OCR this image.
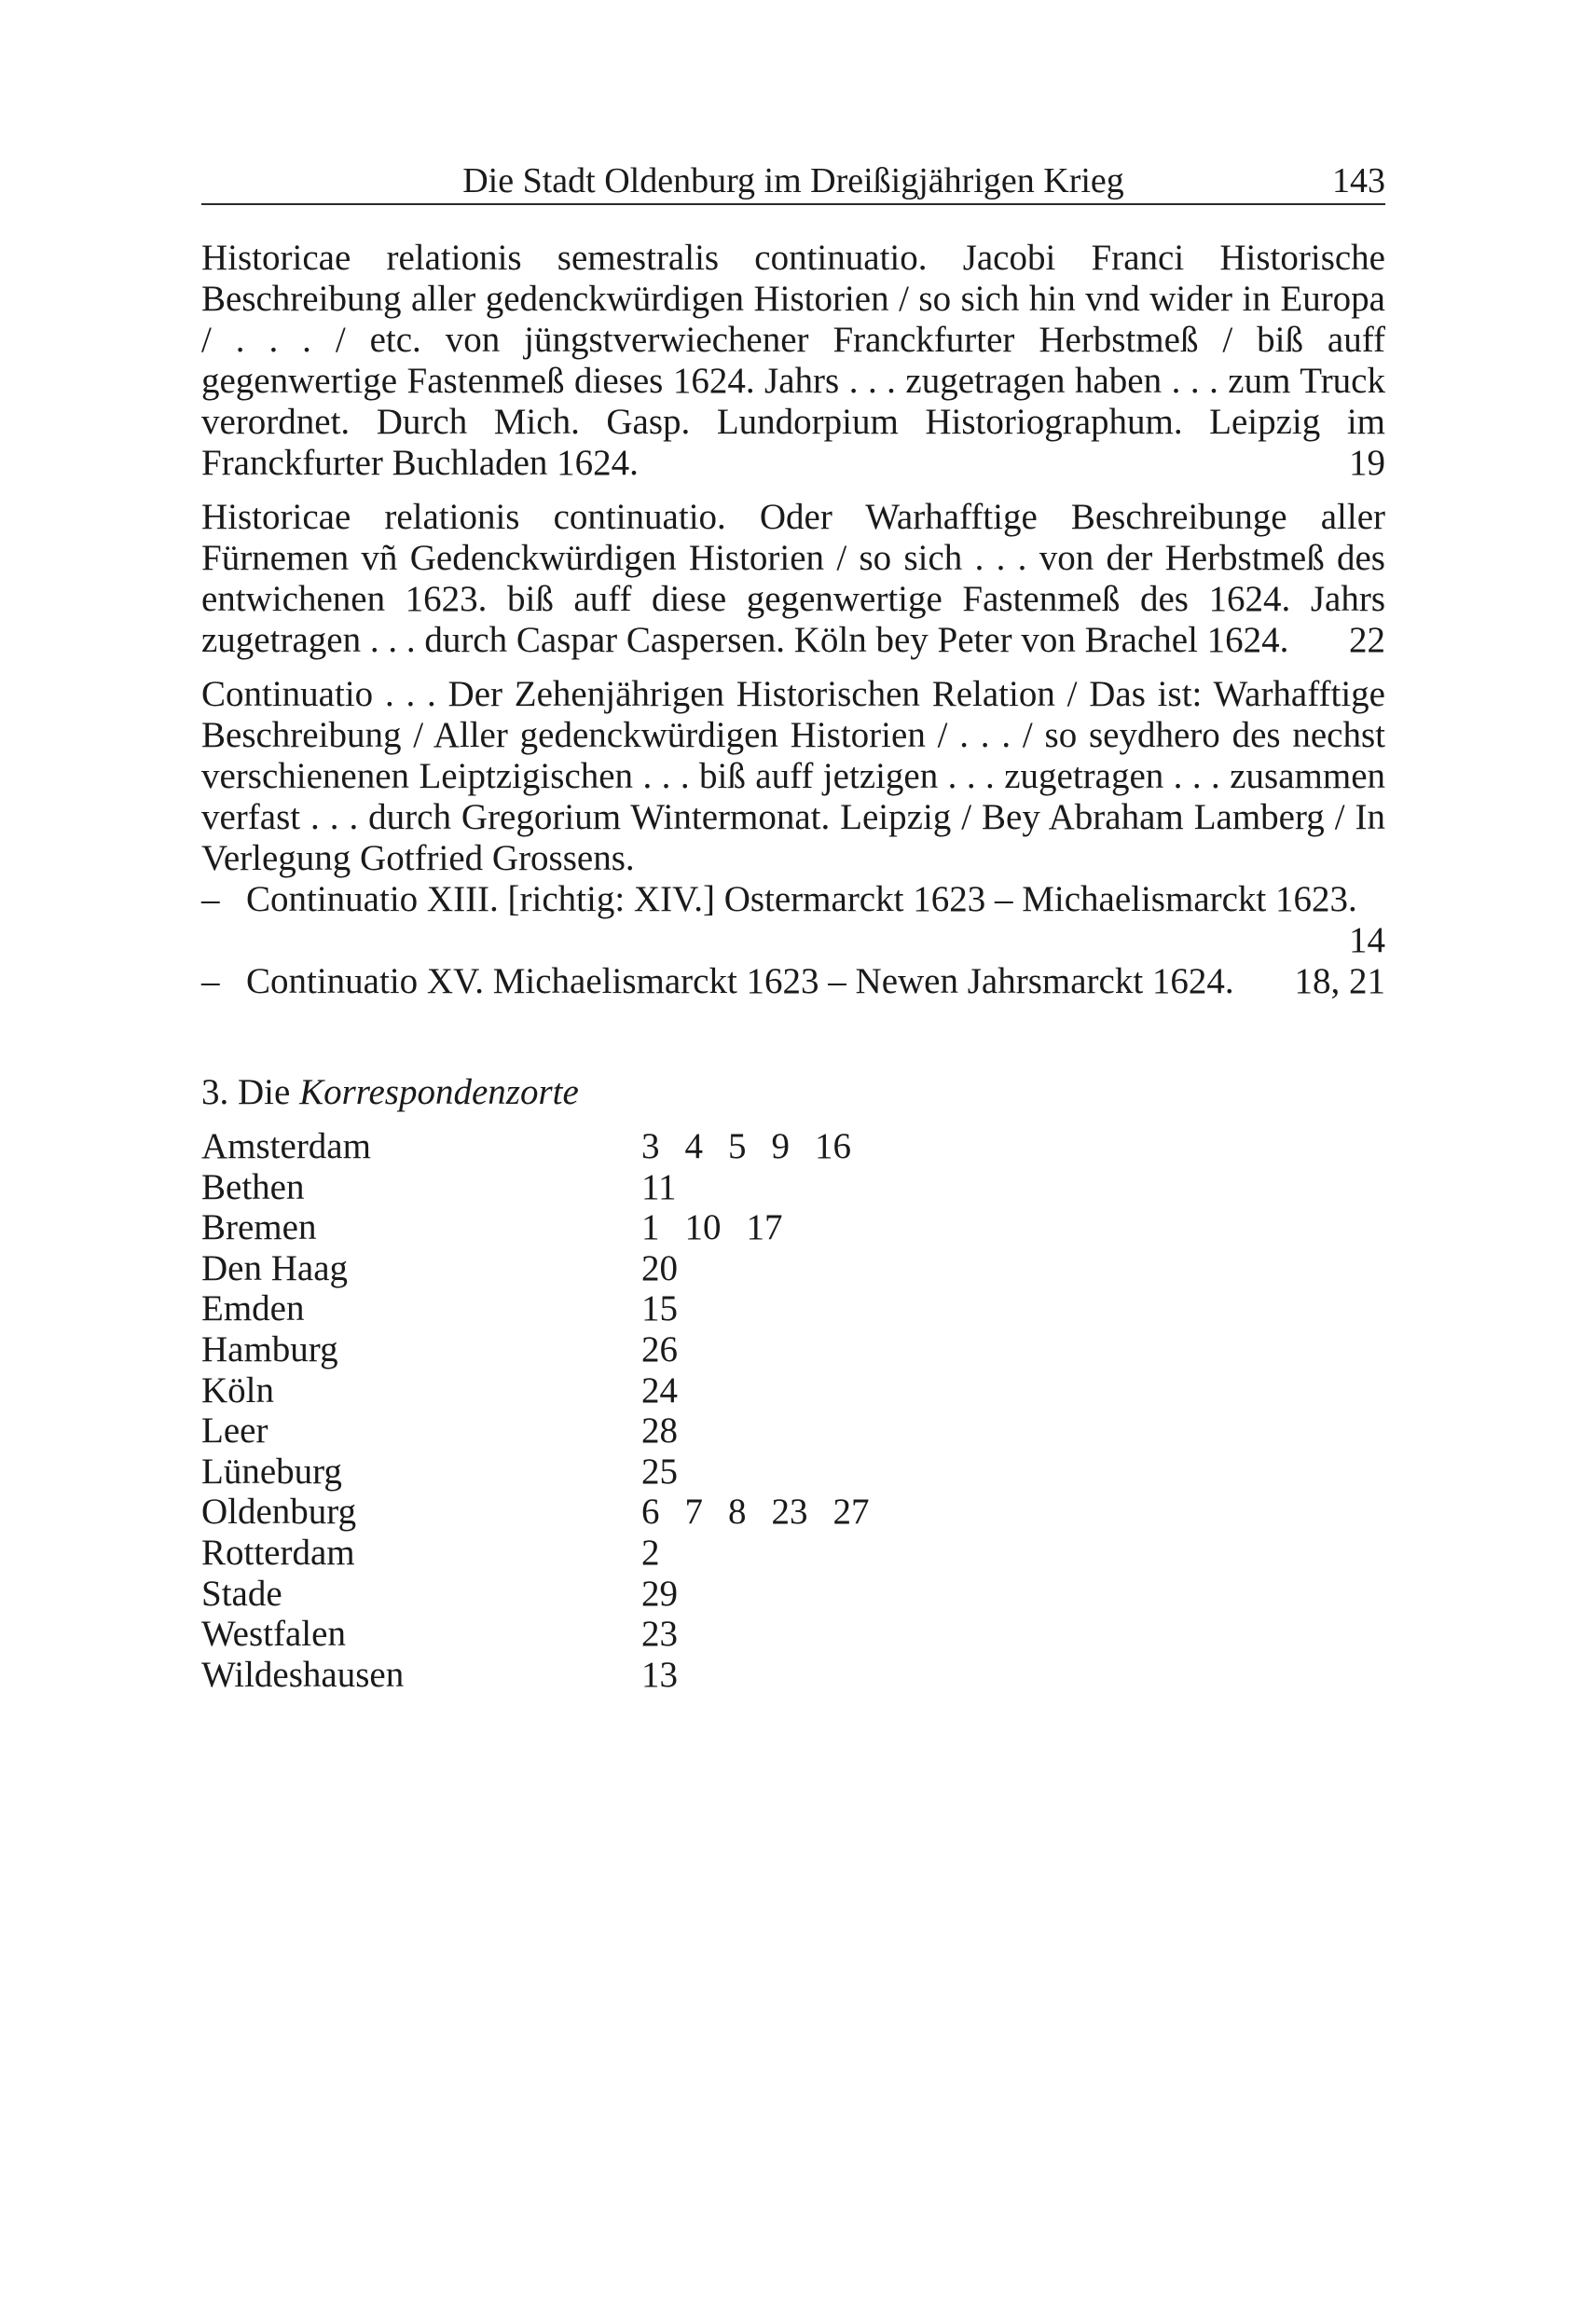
Die Stadt Oldenburg im Dreißigjährigen Krieg	143
Historicae relationis semestralis continuatio. Jacobi Franci Historische Beschreibung aller gedenckwürdigen Historien / so sich hin vnd wider in Europa / . . . / etc. von jüngstverwiechener Franckfurter Herbstmeß / biß auff gegenwertige Fastenmeß dieses 1624. Jahrs . . . zugetragen haben . . . zum Truck verordnet. Durch Mich. Gasp. Lundorpium Historiographum. Leipzig im Franckfurter Buchladen 1624.	19
Historicae relationis continuatio. Oder Warhafftige Beschreibunge aller Fürnemen vñ Gedenckwürdigen Historien / so sich . . . von der Herbstmeß des entwichenen 1623. biß auff diese gegenwertige Fastenmeß des 1624. Jahrs zugetragen . . . durch Caspar Caspersen. Köln bey Peter von Brachel 1624.	22
Continuatio . . . Der Zehenjährigen Historischen Relation / Das ist: Warhafftige Beschreibung / Aller gedenckwürdigen Historien / . . . / so seydhero des nechst verschienenen Leiptzigischen . . . biß auff jetzigen . . . zugetragen . . . zusammen verfast . . . durch Gregorium Wintermonat. Leipzig / Bey Abraham Lamberg / In Verlegung Gotfried Grossens.
– Continuatio XIII. [richtig: XIV.] Ostermarckt 1623 – Michaelismarckt 1623.
14
– Continuatio XV. Michaelismarckt 1623 – Newen Jahrsmarckt 1624.	18, 21
3. Die Korrespondenzorte
Amsterdam	3 4 5 9 16
Bethen	11
Bremen	1 10 17
Den Haag	20
Emden	15
Hamburg	26
Köln	24
Leer	28
Lüneburg	25
Oldenburg	6 7 8 23 27
Rotterdam	2
Stade	29
Westfalen	23
Wildeshausen	13
